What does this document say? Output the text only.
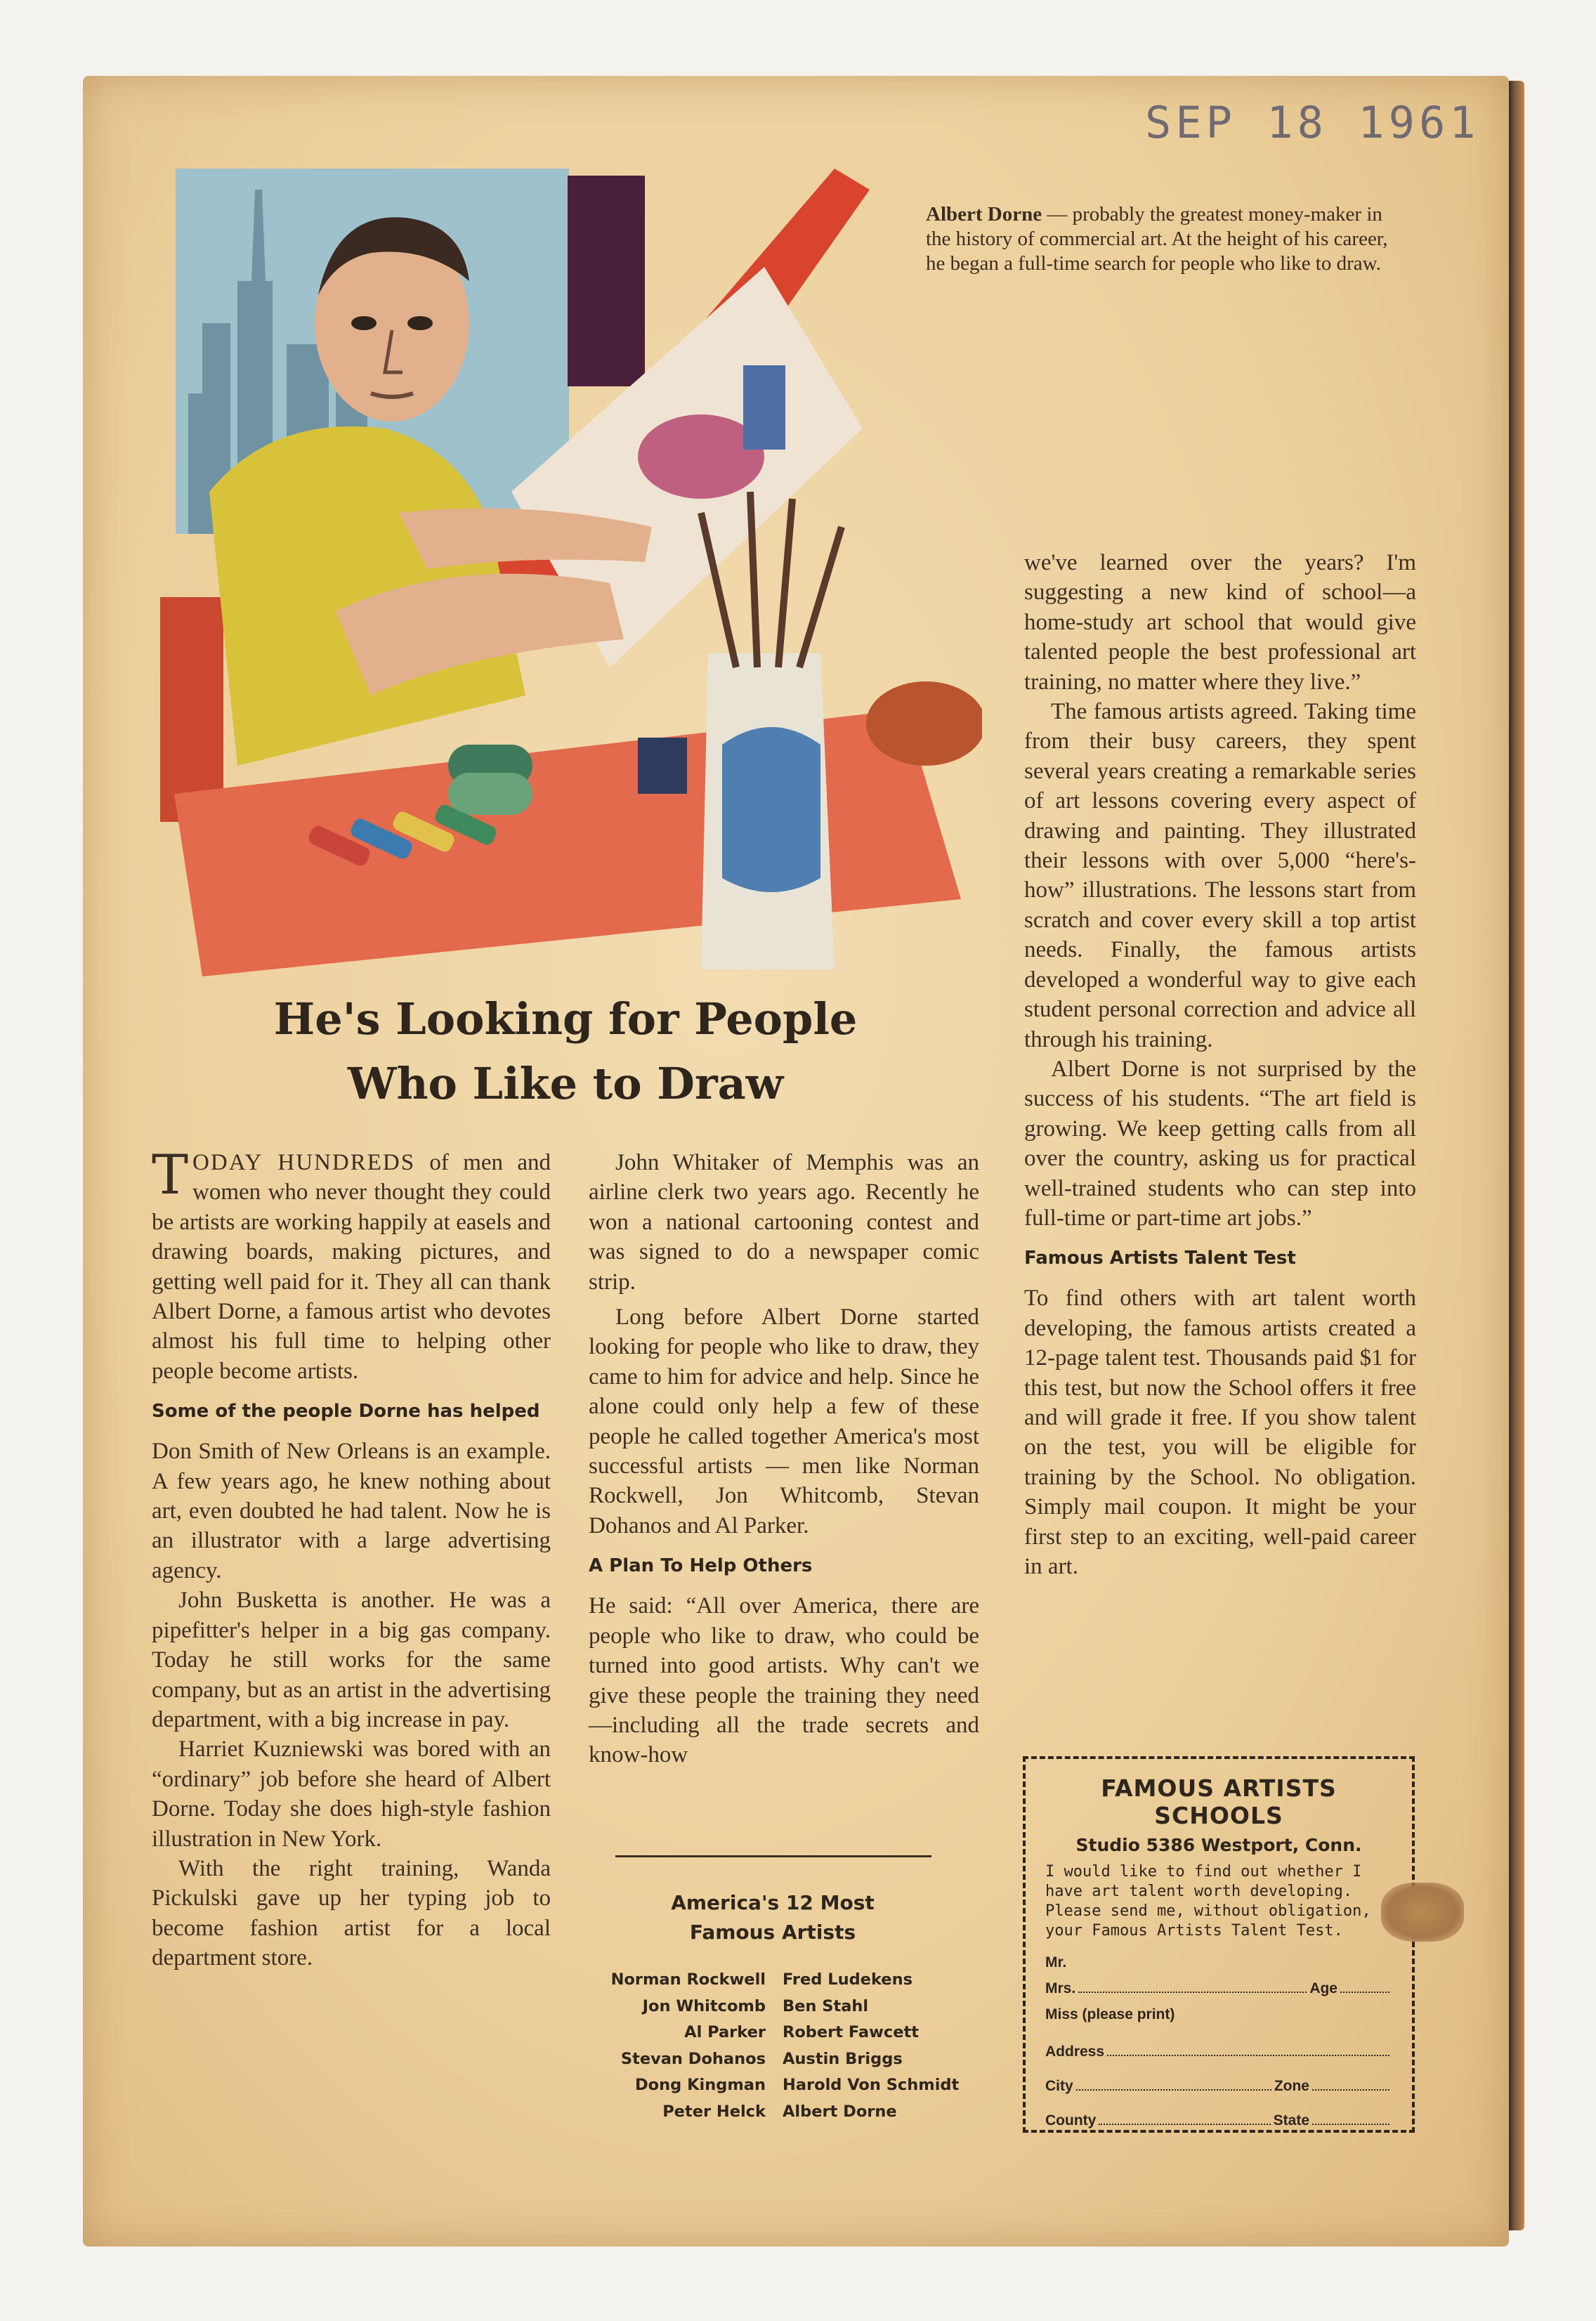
SEP 18 1961
Albert Dorne — probably the greatest money-maker in the history of commercial art. At the height of his career, he began a full-time search for people who like to draw.
He's Looking for People
Who Like to Draw

TODAY HUNDREDS of men and women who never thought they could be artists are working happily at easels and drawing boards, making pictures, and getting well paid for it. They all can thank Albert Dorne, a famous artist who devotes almost his full time to helping other people become artists.

Some of the people Dorne has helped

Don Smith of New Orleans is an example. A few years ago, he knew nothing about art, even doubted he had talent. Now he is an illustrator with a large advertising agency.

John Busketta is another. He was a pipefitter's helper in a big gas company. Today he still works for the same company, but as an artist in the advertising department, with a big increase in pay.

Harriet Kuzniewski was bored with an “ordinary” job before she heard of Albert Dorne. Today she does high-style fashion illustration in New York.

With the right training, Wanda Pickulski gave up her typing job to become fashion artist for a local department store.

John Whitaker of Memphis was an airline clerk two years ago. Recently he won a national cartooning contest and was signed to do a newspaper comic strip.

Long before Albert Dorne started looking for people who like to draw, they came to him for advice and help. Since he alone could only help a few of these people he called together America's most successful artists — men like Norman Rockwell, Jon Whitcomb, Stevan Dohanos and Al Parker.

A Plan To Help Others

He said: “All over America, there are people who like to draw, who could be turned into good artists. Why can't we give these people the training they need—including all the trade secrets and know-how

America's 12 Most
Famous Artists
Norman Rockwell	Fred Ludekens
Jon Whitcomb	Ben Stahl
Al Parker	Robert Fawcett
Stevan Dohanos	Austin Briggs
Dong Kingman	Harold Von Schmidt
Peter Helck	Albert Dorne

we've learned over the years? I'm suggesting a new kind of school—a home-study art school that would give talented people the best professional art training, no matter where they live.”

The famous artists agreed. Taking time from their busy careers, they spent several years creating a remarkable series of art lessons covering every aspect of drawing and painting. They illustrated their lessons with over 5,000 “here's-how” illustrations. The lessons start from scratch and cover every skill a top artist needs. Finally, the famous artists developed a wonderful way to give each student personal correction and advice all through his training.

Albert Dorne is not surprised by the success of his students. “The art field is growing. We keep getting calls from all over the country, asking us for practical well-trained students who can step into full-time or part-time art jobs.”

Famous Artists Talent Test

To find others with art talent worth developing, the famous artists created a 12-page talent test. Thousands paid $1 for this test, but now the School offers it free and will grade it free. If you show talent on the test, you will be eligible for training by the School. No obligation. Simply mail coupon. It might be your first step to an exciting, well-paid career in art.

FAMOUS ARTISTS SCHOOLS
Studio 5386 Westport, Conn.
I would like to find out whether I have art talent worth developing. Please send me, without obligation, your Famous Artists Talent Test.
Mr.
Mrs.	Age
Miss (please print)
Address
City	Zone
County	State
